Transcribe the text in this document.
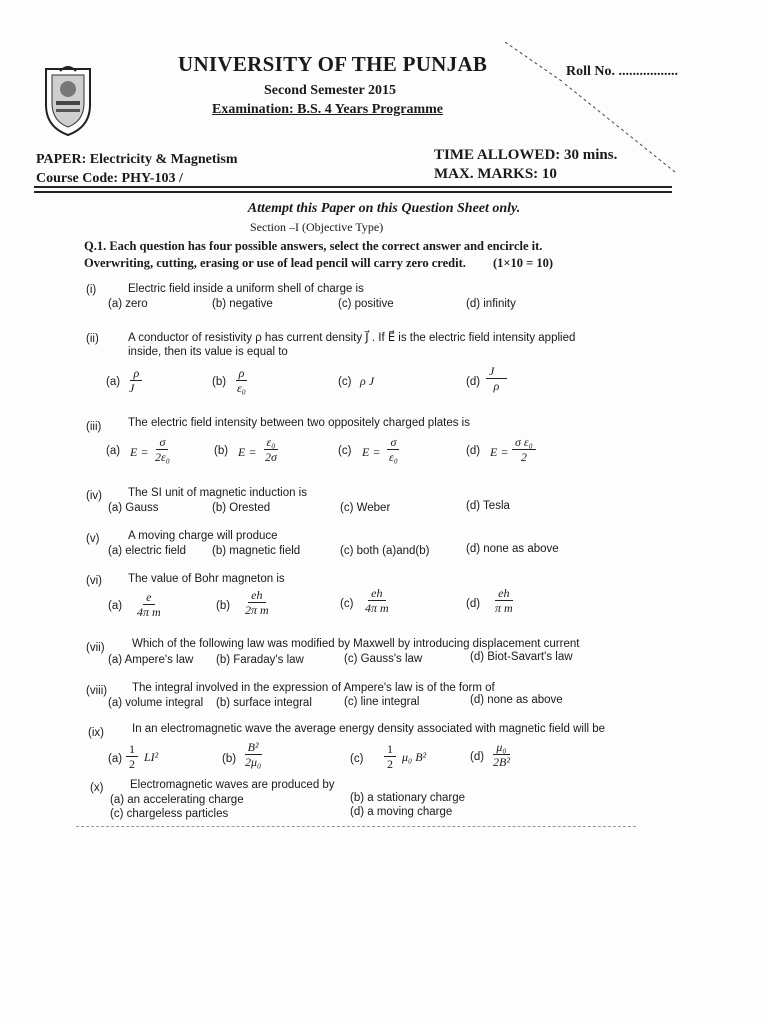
UNIVERSITY OF THE PUNJAB	Roll No. .................
Second Semester 2015
Examination: B.S. 4 Years Programme
PAPER: Electricity & Magnetism
Course Code: PHY-103 /
TIME ALLOWED: 30 mins.
MAX. MARKS: 10
Attempt this Paper on this Question Sheet only.
Section –I (Objective Type)
Q.1. Each question has four possible answers, select the correct answer and encircle it.
Overwriting, cutting, erasing or use of lead pencil will carry zero credit. (1×10 = 10)
(i)	Electric field inside a uniform shell of charge is
(a) zero	(b) negative	(c) positive	(d) infinity
(ii)	A conductor of resistivity ρ has current density J⃗ . If E⃗ is the electric field intensity applied
inside, then its value is equal to
$(a) \frac{\rho}{J⃗}$	$(b) \frac{\rho}{\text{ε₀}}$	(c) ρ J⃗	$(d) \frac{J⃗}{\rho}$
(iii) The electric field intensity between two oppositely charged plates is
(a) $E = \frac{\sigma}{\text{2ε₀}}$	(b) $E = \frac{\text{ε₀}}{2\sigma}$	(c) $E = \frac{\sigma}{\text{ε₀}}$	(d) $E = \frac{\text{σ ε₀}}{2}$
(iv) The SI unit of magnetic induction is
(a) Gauss	(b) Orested	(c) Weber	(d) Tesla
(v) A moving charge will produce
(a) electric field (b) magnetic field	(c) both (a)and(b)	(d) none as above
(vi) The value of Bohr magneton is
$(a) \frac{e}{\text{4π m}}$	$(b) \frac{eh}{\text{2π m}}$	$(c) \frac{eh}{\text{4π m}}$	$(d) \frac{eh}{\text{π m}}$
(vii) Which of the following law was modified by Maxwell by introducing displacement current
(a) Ampere's law (b) Faraday's law	(c) Gauss's law	(d) Biot-Savart's law
(viii) The integral involved in the expression of Ampere's law is of the form of
(a) volume integral (b) surface integral	(c) line integral	(d) none as above
(ix) In an electromagnetic wave the average energy density associated with magnetic field will be
$(a) \frac{1}{2} LI^2$	$(b) \frac{\text{B²}}{\text{2μ₀}}$	$(c) \frac{1}{2} \mu_0$ B²	$(d) \frac{\text{μ₀}}{\text{2B²}}$
(x) Electromagnetic waves are produced by
(a) an accelerating charge	(b) a stationary charge
(c) chargeless particles	(d) a moving charge
